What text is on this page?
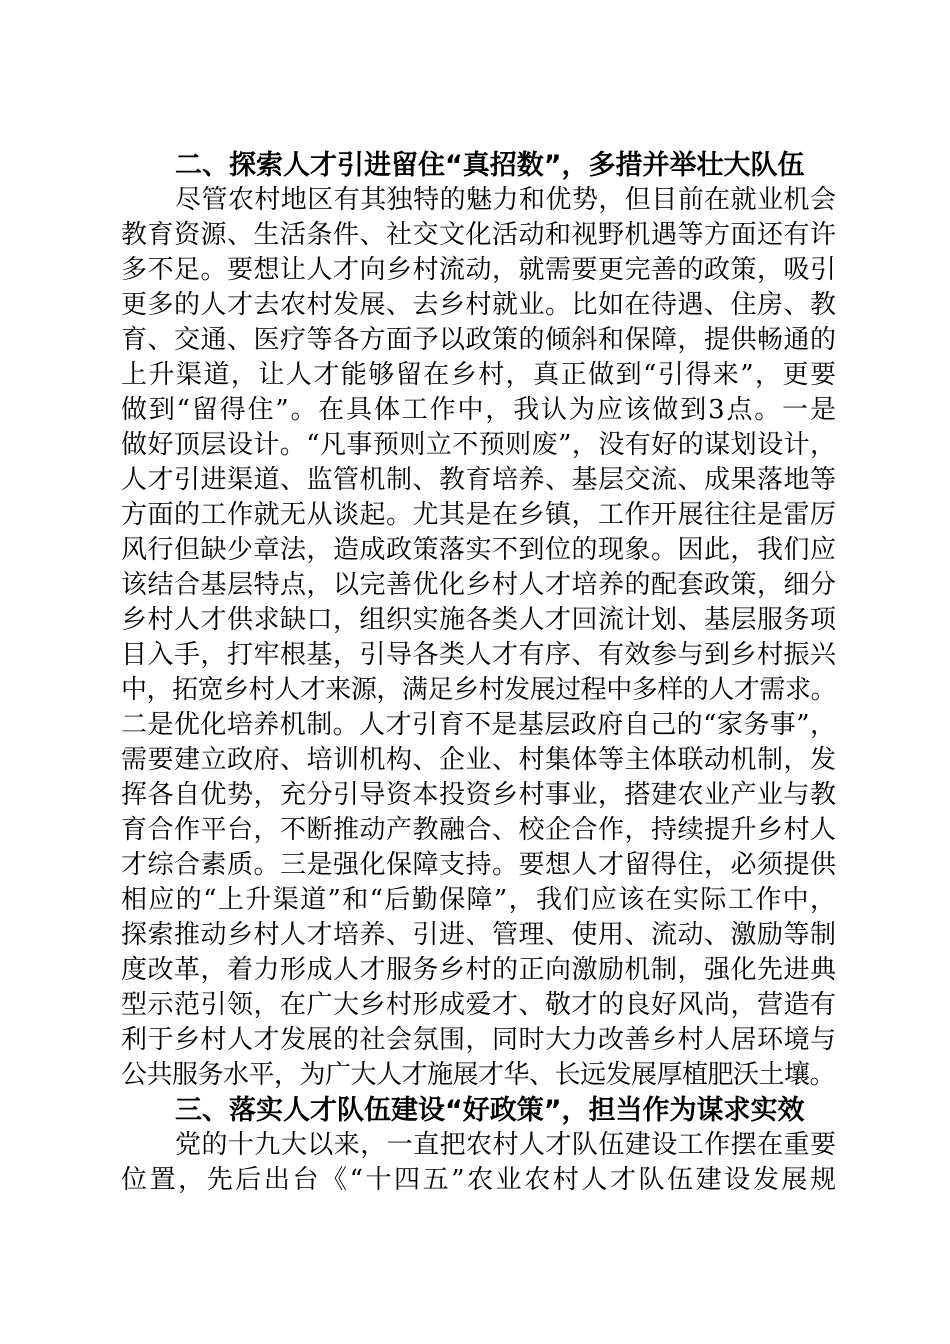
二、探索人才引进留住“真招数”，多措并举壮大队伍
尽管农村地区有其独特的魅力和优势，但目前在就业机会
教育资源、生活条件、社交文化活动和视野机遇等方面还有许
多不足。要想让人才向乡村流动，就需要更完善的政策，吸引
更多的人才去农村发展、去乡村就业。比如在待遇、住房、教
育、交通、医疗等各方面予以政策的倾斜和保障，提供畅通的
上升渠道，让人才能够留在乡村，真正做到“引得来”，更要
做到“留得住”。在具体工作中，我认为应该做到3点。一是
做好顶层设计。“凡事预则立不预则废”，没有好的谋划设计，
人才引进渠道、监管机制、教育培养、基层交流、成果落地等
方面的工作就无从谈起。尤其是在乡镇，工作开展往往是雷厉
风行但缺少章法，造成政策落实不到位的现象。因此，我们应
该结合基层特点，以完善优化乡村人才培养的配套政策，细分
乡村人才供求缺口，组织实施各类人才回流计划、基层服务项
目入手，打牢根基，引导各类人才有序、有效参与到乡村振兴
中，拓宽乡村人才来源，满足乡村发展过程中多样的人才需求。
二是优化培养机制。人才引育不是基层政府自己的“家务事”，
需要建立政府、培训机构、企业、村集体等主体联动机制，发
挥各自优势，充分引导资本投资乡村事业，搭建农业产业与教
育合作平台，不断推动产教融合、校企合作，持续提升乡村人
才综合素质。三是强化保障支持。要想人才留得住，必须提供
相应的“上升渠道”和“后勤保障”，我们应该在实际工作中，
探索推动乡村人才培养、引进、管理、使用、流动、激励等制
度改革，着力形成人才服务乡村的正向激励机制，强化先进典
型示范引领，在广大乡村形成爱才、敬才的良好风尚，营造有
利于乡村人才发展的社会氛围，同时大力改善乡村人居环境与
公共服务水平，为广大人才施展才华、长远发展厚植肥沃土壤。
三、落实人才队伍建设“好政策”，担当作为谋求实效
党的十九大以来，一直把农村人才队伍建设工作摆在重要
位置，先后出台《“十四五”农业农村人才队伍建设发展规
